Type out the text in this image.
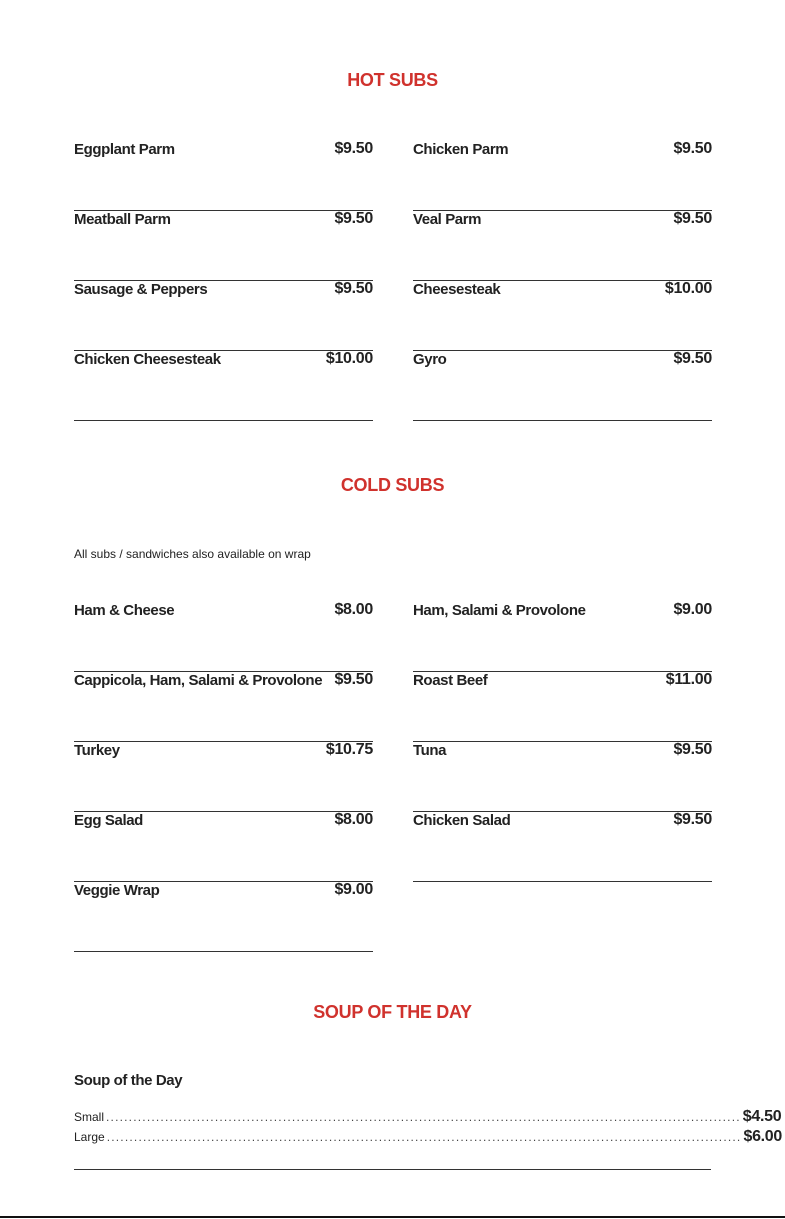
HOT SUBS
Eggplant Parm	$9.50	Chicken Parm	$9.50
Meatball Parm	$9.50	Veal Parm	$9.50
Sausage & Peppers	$9.50	Cheesesteak	$10.00
Chicken Cheesesteak	$10.00	Gyro	$9.50
COLD SUBS
All subs / sandwiches also available on wrap
Ham & Cheese	$8.00	Ham, Salami & Provolone	$9.00
Cappicola, Ham, Salami & Provolone $9.50	Roast Beef	$11.00
Turkey	$10.75	Tuna	$9.50
Egg Salad	$8.00	Chicken Salad	$9.50
Veggie Wrap	$9.00
SOUP OF THE DAY
Soup of the Day
Small ............................................................................................................................................ $4.50
Large ............................................................................................................................................ $6.00
